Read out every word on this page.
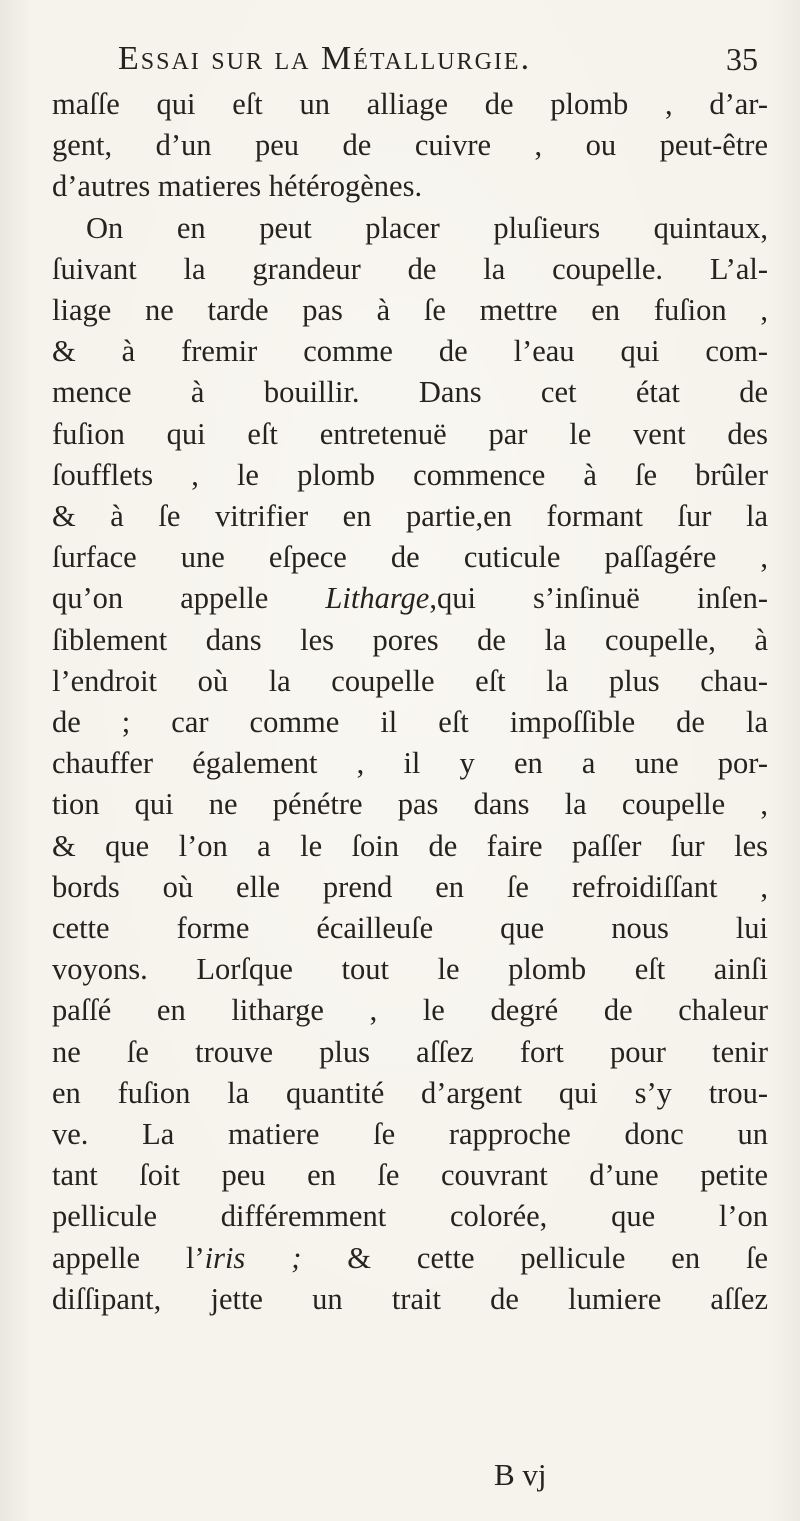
Essai sur la Métallurgie.	35
maſſe qui eſt un alliage de plomb , d’ar-
gent, d’un peu de cuivre , ou peut-être
d’autres matieres hétérogènes.
On en peut placer pluſieurs quintaux,
ſuivant la grandeur de la coupelle. L’al-
liage ne tarde pas à ſe mettre en fuſion ,
& à fremir comme de l’eau qui com-
mence à bouillir. Dans cet état de
fuſion qui eſt entretenuë par le vent des
ſoufflets , le plomb commence à ſe brûler
& à ſe vitrifier en partie,en formant ſur la
ſurface une eſpece de cuticule paſſagére ,
qu’on appelle Litharge,qui s’inſinuë inſen-
ſiblement dans les pores de la coupelle, à
l’endroit où la coupelle eſt la plus chau-
de ; car comme il eſt impoſſible de la
chauffer également , il y en a une por-
tion qui ne pénétre pas dans la coupelle ,
& que l’on a le ſoin de faire paſſer ſur les
bords où elle prend en ſe refroidiſſant ,
cette forme écailleuſe que nous lui
voyons. Lorſque tout le plomb eſt ainſi
paſſé en litharge , le degré de chaleur
ne ſe trouve plus aſſez fort pour tenir
en fuſion la quantité d’argent qui s’y trou-
ve. La matiere ſe rapproche donc un
tant ſoit peu en ſe couvrant d’une petite
pellicule différemment colorée, que l’on
appelle l’iris ; & cette pellicule en ſe
diſſipant, jette un trait de lumiere aſſez
B vj
